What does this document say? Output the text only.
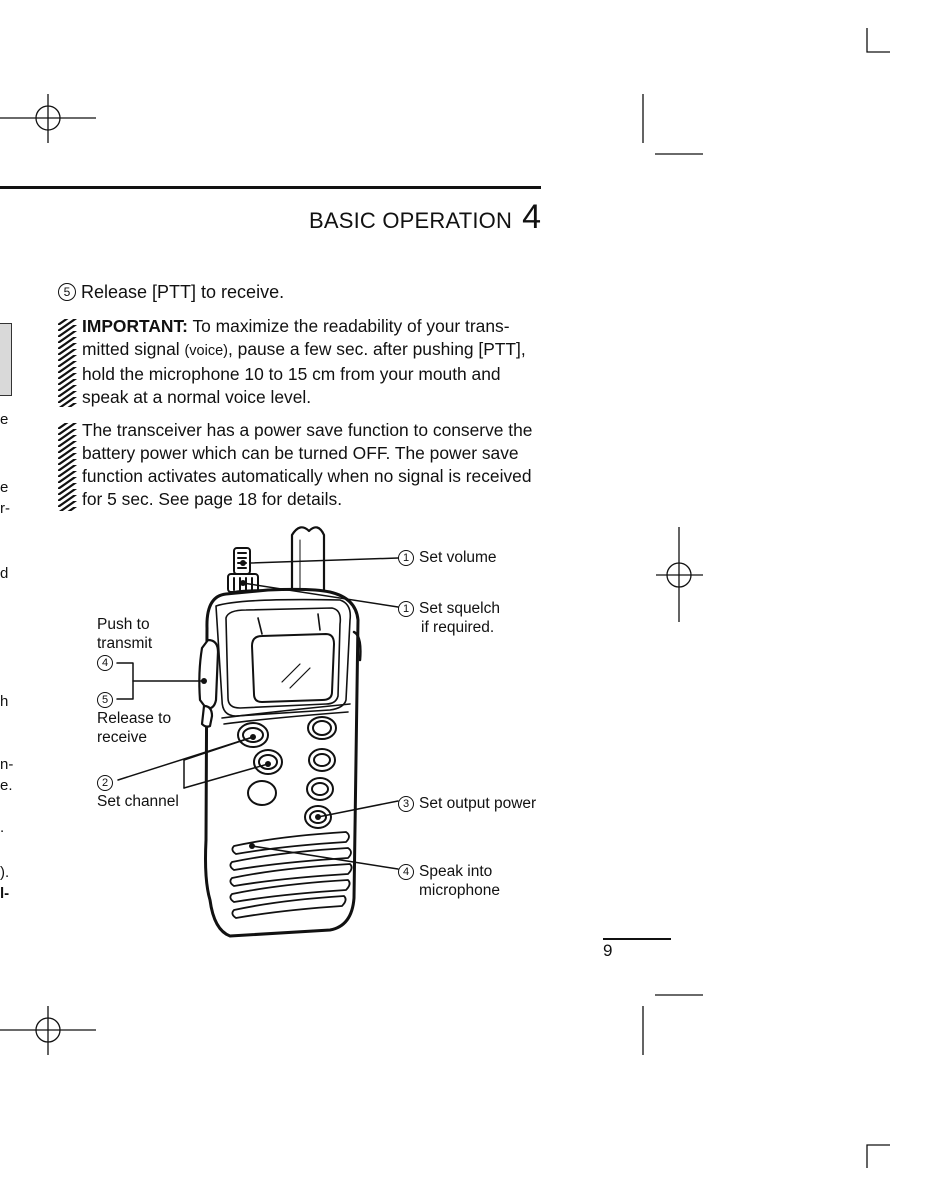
BASIC OPERATION 4
5 Release [PTT] to receive.

IMPORTANT: To maximize the readability of your trans-
mitted signal (voice), pause a few sec. after pushing [PTT],
hold the microphone 10 to 15 cm from your mouth and
speak at a normal voice level.

The transceiver has a power save function to conserve the
battery power which can be turned OFF. The power save
function activates automatically when no signal is received
for 5 sec. See page 18 for details.

1 Set volume
1 Set squelch
if required.
Push to
transmit
4
5
Release to
receive
2
Set channel	3 Set output power
4 Speak into
microphone
e
e
r-
d
h
n-
e.
.
).
l-
9
